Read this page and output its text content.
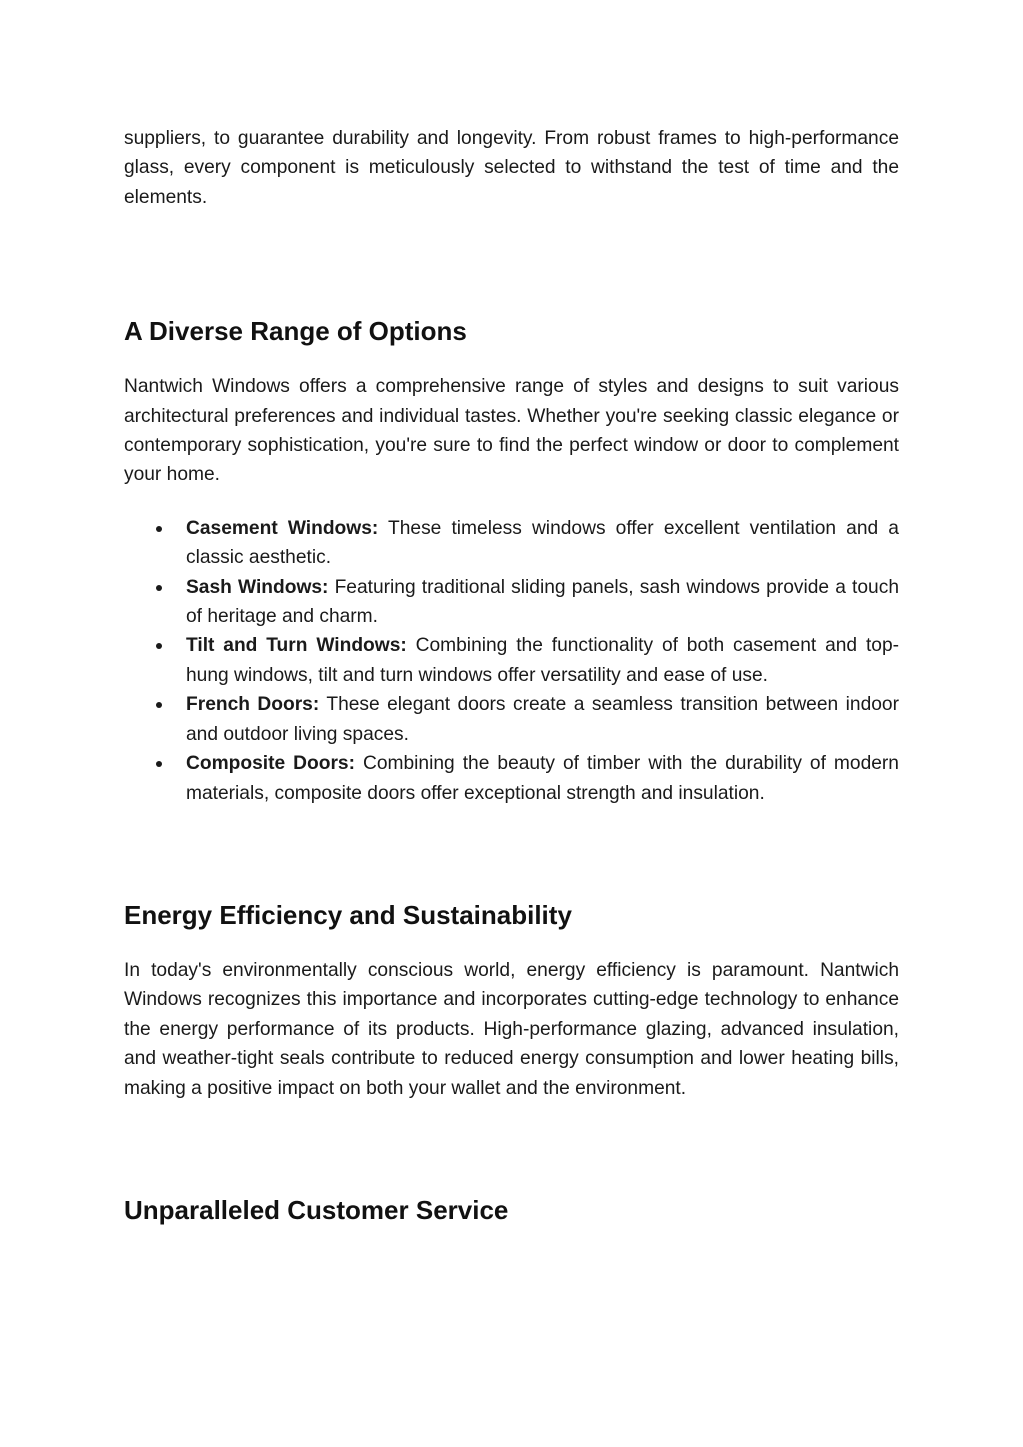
suppliers, to guarantee durability and longevity. From robust frames to high-performance glass, every component is meticulously selected to withstand the test of time and the elements.

A Diverse Range of Options

Nantwich Windows offers a comprehensive range of styles and designs to suit various architectural preferences and individual tastes. Whether you're seeking classic elegance or contemporary sophistication, you're sure to find the perfect window or door to complement your home.

Casement Windows: These timeless windows offer excellent ventilation and a classic aesthetic.
Sash Windows: Featuring traditional sliding panels, sash windows provide a touch of heritage and charm.
Tilt and Turn Windows: Combining the functionality of both casement and top-hung windows, tilt and turn windows offer versatility and ease of use.
French Doors: These elegant doors create a seamless transition between indoor and outdoor living spaces.
Composite Doors: Combining the beauty of timber with the durability of modern materials, composite doors offer exceptional strength and insulation.
Energy Efficiency and Sustainability

In today's environmentally conscious world, energy efficiency is paramount. Nantwich Windows recognizes this importance and incorporates cutting-edge technology to enhance the energy performance of its products. High-performance glazing, advanced insulation, and weather-tight seals contribute to reduced energy consumption and lower heating bills, making a positive impact on both your wallet and the environment.

Unparalleled Customer Service
